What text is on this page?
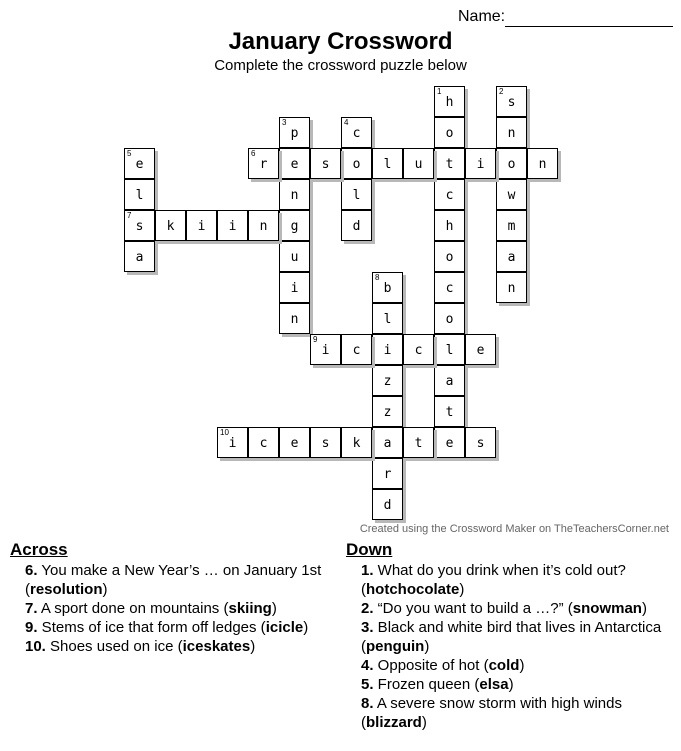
Name:
January Crossword
Complete the crossword puzzle below
h
1
o
t
c
h
o
c
o
l
a
t
e
s
2
n
o
w
m
a
n
p
3
e
n
g
u
i
n
c
4
o
l
d
e
5
l
s
7
a
r
6
s	l	u	i	n
k	i	i	n
b
8
l
i
z
z
a
r
d
i
9
c	c	e
i
10
c	e	s	k	t	s
Created using the Crossword Maker on TheTeachersCorner.net
Across
6. You make a New Year’s … on January 1st (resolution)
7. A sport done on mountains (skiing)
9. Stems of ice that form off ledges (icicle)
10. Shoes used on ice (iceskates)
Down
1. What do you drink when it’s cold out? (hotchocolate)
2. “Do you want to build a …?” (snowman)
3. Black and white bird that lives in Antarctica (penguin)
4. Opposite of hot (cold)
5. Frozen queen (elsa)
8. A severe snow storm with high winds (blizzard)
